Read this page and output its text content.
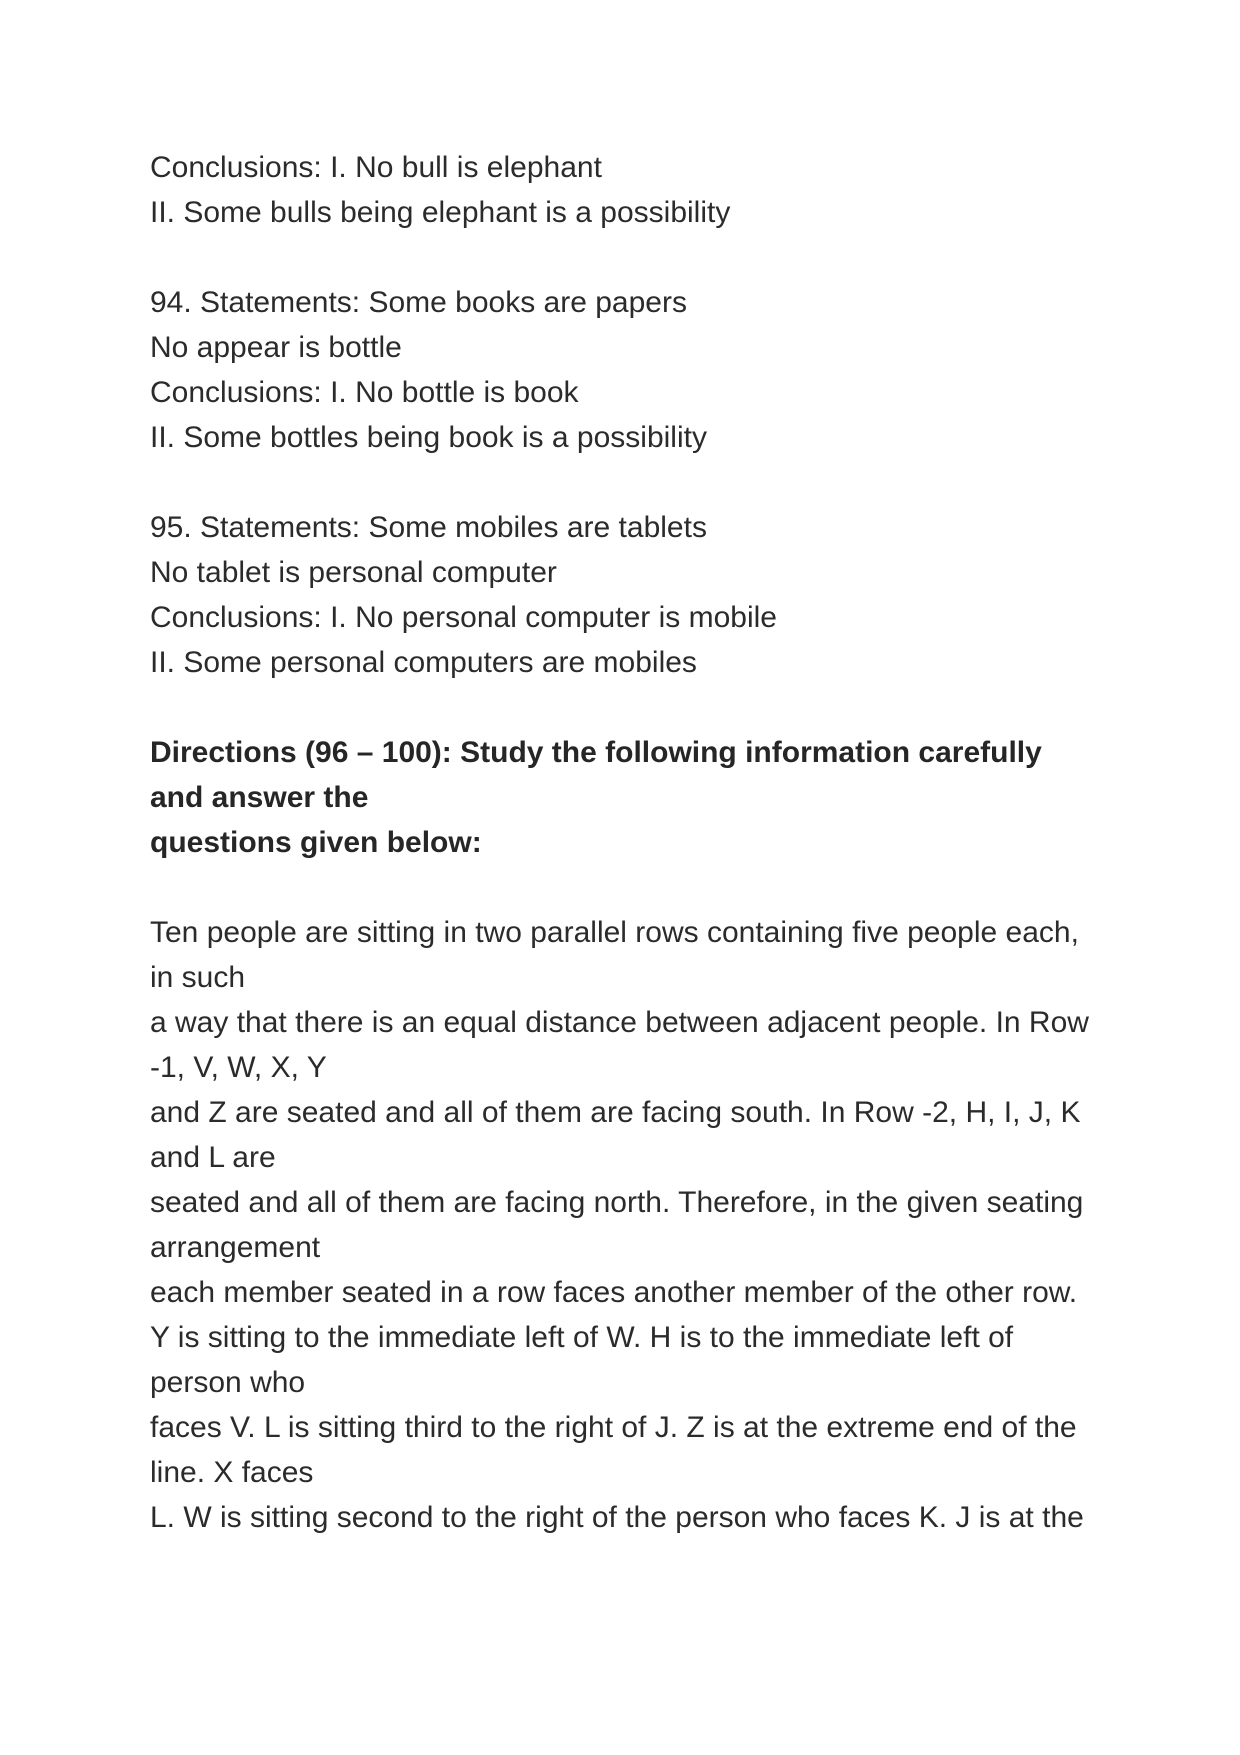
Conclusions: I. No bull is elephant
II. Some bulls being elephant is a possibility
94. Statements: Some books are papers
No appear is bottle
Conclusions: I. No bottle is book
II. Some bottles being book is a possibility
95. Statements: Some mobiles are tablets
No tablet is personal computer
Conclusions: I. No personal computer is mobile
II. Some personal computers are mobiles
Directions (96 – 100): Study the following information carefully
and answer the
questions given below:
Ten people are sitting in two parallel rows containing five people each,
in such
a way that there is an equal distance between adjacent people. In Row
-1, V, W, X, Y
and Z are seated and all of them are facing south. In Row -2, H, I, J, K
and L are
seated and all of them are facing north. Therefore, in the given seating
arrangement
each member seated in a row faces another member of the other row.
Y is sitting to the immediate left of W. H is to the immediate left of
person who
faces V. L is sitting third to the right of J. Z is at the extreme end of the
line. X faces
L. W is sitting second to the right of the person who faces K. J is at the
